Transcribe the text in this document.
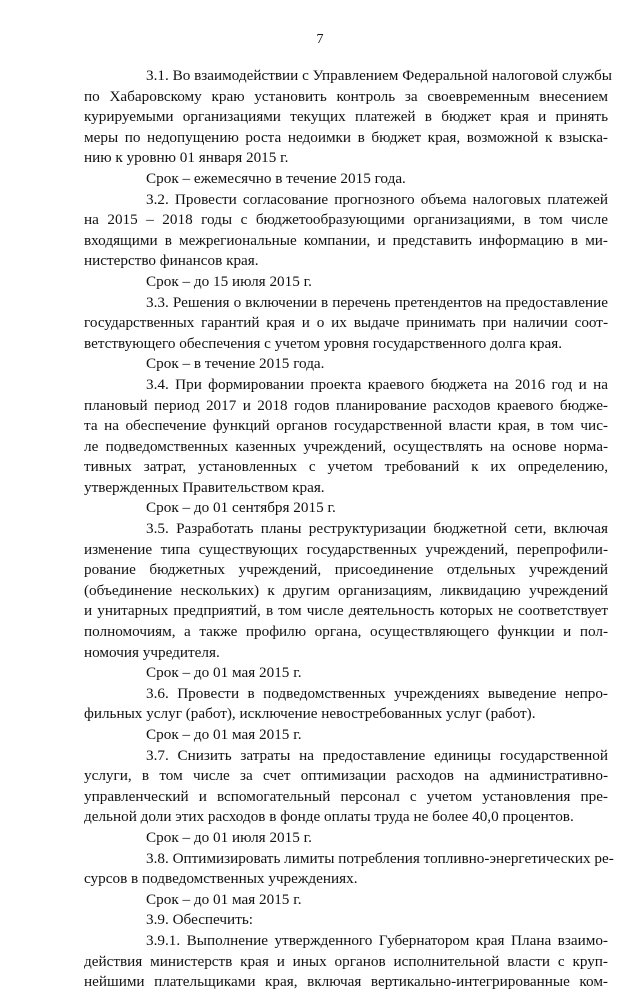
7
3.1. Во взаимодействии с Управлением Федеральной налоговой службы
по Хабаровскому краю установить контроль за своевременным внесением
курируемыми организациями текущих платежей в бюджет края и принять
меры по недопущению роста недоимки в бюджет края, возможной к взыска-
нию к уровню 01 января 2015 г.
Срок – ежемесячно в течение 2015 года.
3.2. Провести согласование прогнозного объема налоговых платежей
на 2015 – 2018 годы с бюджетообразующими организациями, в том числе
входящими в межрегиональные компании, и представить информацию в ми-
нистерство финансов края.
Срок – до 15 июля 2015 г.
3.3. Решения о включении в перечень претендентов на предоставление
государственных гарантий края и о их выдаче принимать при наличии соот-
ветствующего обеспечения с учетом уровня государственного долга края.
Срок – в течение 2015 года.
3.4. При формировании проекта краевого бюджета на 2016 год и на
плановый период 2017 и 2018 годов планирование расходов краевого бюдже-
та на обеспечение функций органов государственной власти края, в том чис-
ле подведомственных казенных учреждений, осуществлять на основе норма-
тивных затрат, установленных с учетом требований к их определению,
утвержденных Правительством края.
Срок – до 01 сентября 2015 г.
3.5. Разработать планы реструктуризации бюджетной сети, включая
изменение типа существующих государственных учреждений, перепрофили-
рование бюджетных учреждений, присоединение отдельных учреждений
(объединение нескольких) к другим организациям, ликвидацию учреждений
и унитарных предприятий, в том числе деятельность которых не соответствует
полномочиям, а также профилю органа, осуществляющего функции и пол-
номочия учредителя.
Срок – до 01 мая 2015 г.
3.6. Провести в подведомственных учреждениях выведение непро-
фильных услуг (работ), исключение невостребованных услуг (работ).
Срок – до 01 мая 2015 г.
3.7. Снизить затраты на предоставление единицы государственной
услуги, в том числе за счет оптимизации расходов на административно-
управленческий и вспомогательный персонал с учетом установления пре-
дельной доли этих расходов в фонде оплаты труда не более 40,0 процентов.
Срок – до 01 июля 2015 г.
3.8. Оптимизировать лимиты потребления топливно-энергетических ре-
сурсов в подведомственных учреждениях.
Срок – до 01 мая 2015 г.
3.9. Обеспечить:
3.9.1. Выполнение утвержденного Губернатором края Плана взаимо-
действия министерств края и иных органов исполнительной власти с круп-
нейшими плательщиками края, включая вертикально-интегрированные ком-
